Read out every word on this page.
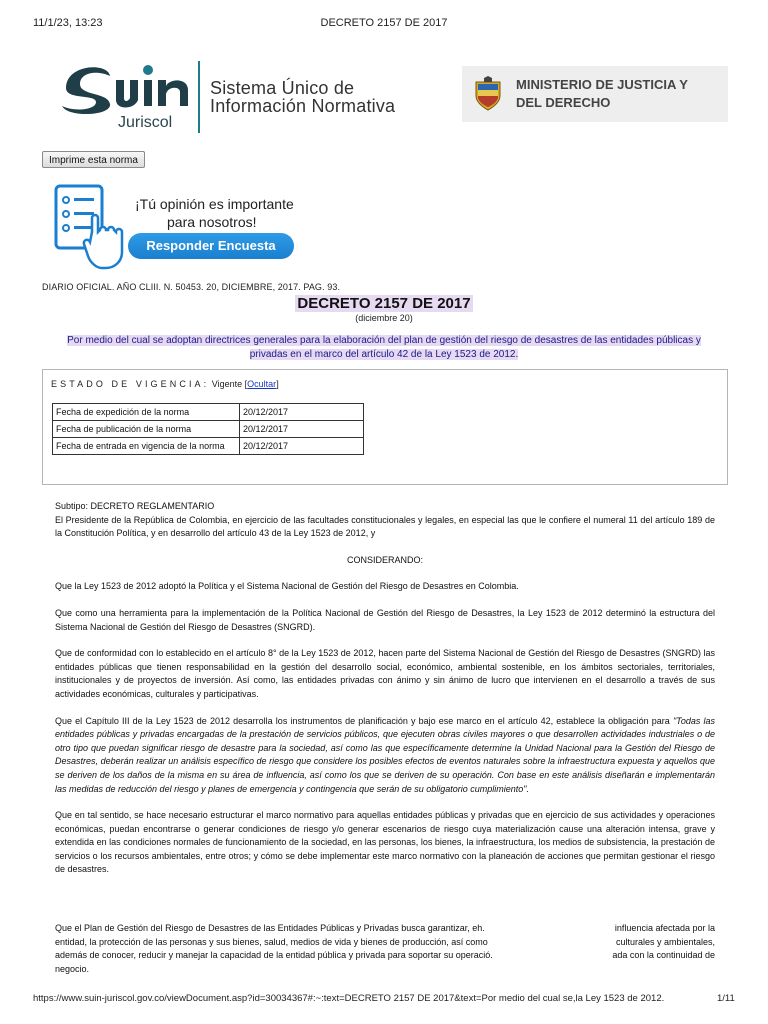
11/1/23, 13:23	DECRETO 2157 DE 2017
Juriscol
Sistema Único de
Información Normativa
MINISTERIO DE JUSTICIA Y
DEL DERECHO
Imprime esta norma
¡Tú opinión es importante
para nosotros!
Responder Encuesta
DIARIO OFICIAL. AÑO CLIII. N. 50453. 20, DICIEMBRE, 2017. PAG. 93.
DECRETO 2157 DE 2017
(diciembre 20)
Por medio del cual se adoptan directrices generales para la elaboración del plan de gestión del riesgo de desastres de las entidades públicas y privadas en el marco del artículo 42 de la Ley 1523 de 2012.
ESTADO DE VIGENCIA: Vigente [Ocultar]
Fecha de expedición de la norma	20/12/2017
Fecha de publicación de la norma	20/12/2017
Fecha de entrada en vigencia de la norma	20/12/2017

Subtipo: DECRETO REGLAMENTARIO

El Presidente de la República de Colombia, en ejercicio de las facultades constitucionales y legales, en especial las que le confiere el numeral 11 del artículo 189 de la Constitución Política, y en desarrollo del artículo 43 de la Ley 1523 de 2012, y

CONSIDERANDO:

Que la Ley 1523 de 2012 adoptó la Política y el Sistema Nacional de Gestión del Riesgo de Desastres en Colombia.

Que como una herramienta para la implementación de la Política Nacional de Gestión del Riesgo de Desastres, la Ley 1523 de 2012 determinó la estructura del Sistema Nacional de Gestión del Riesgo de Desastres (SNGRD).

Que de conformidad con lo establecido en el artículo 8° de la Ley 1523 de 2012, hacen parte del Sistema Nacional de Gestión del Riesgo de Desastres (SNGRD) las entidades públicas que tienen responsabilidad en la gestión del desarrollo social, económico, ambiental sostenible, en los ámbitos sectoriales, territoriales, institucionales y de proyectos de inversión. Así como, las entidades privadas con ánimo y sin ánimo de lucro que intervienen en el desarrollo a través de sus actividades económicas, culturales y participativas.

Que el Capítulo III de la Ley 1523 de 2012 desarrolla los instrumentos de planificación y bajo ese marco en el artículo 42, establece la obligación para "Todas las entidades públicas y privadas encargadas de la prestación de servicios públicos, que ejecuten obras civiles mayores o que desarrollen actividades industriales o de otro tipo que puedan significar riesgo de desastre para la sociedad, así como las que específicamente determine la Unidad Nacional para la Gestión del Riesgo de Desastres, deberán realizar un análisis específico de riesgo que considere los posibles efectos de eventos naturales sobre la infraestructura expuesta y aquellos que se deriven de los daños de la misma en su área de influencia, así como los que se deriven de su operación. Con base en este análisis diseñarán e implementarán las medidas de reducción del riesgo y planes de emergencia y contingencia que serán de su obligatorio cumplimiento".

Que en tal sentido, se hace necesario estructurar el marco normativo para aquellas entidades públicas y privadas que en ejercicio de sus actividades y operaciones económicas, puedan encontrarse o generar condiciones de riesgo y/o generar escenarios de riesgo cuya materialización cause una alteración intensa, grave y extendida en las condiciones normales de funcionamiento de la sociedad, en las personas, los bienes, la infraestructura, los medios de subsistencia, la prestación de servicios o los recursos ambientales, entre otros; y cómo se debe implementar este marco normativo con la planeación de acciones que permitan gestionar el riesgo de desastres.

Que el Plan de Gestión del Riesgo de Desastres de las Entidades Públicas y Privadas busca garantizar, eh.	influencia afectada por la
entidad, la protección de las personas y sus bienes, salud, medios de vida y bienes de producción, así como	culturales y ambientales,
además de conocer, reducir y manejar la capacidad de la entidad pública y privada para soportar su operació.	ada con la continuidad de
negocio.
https://www.suin-juriscol.gov.co/viewDocument.asp?id=30034367#:~:text=DECRETO 2157 DE 2017&text=Por medio del cual se,la Ley 1523 de 2012.	1/11
